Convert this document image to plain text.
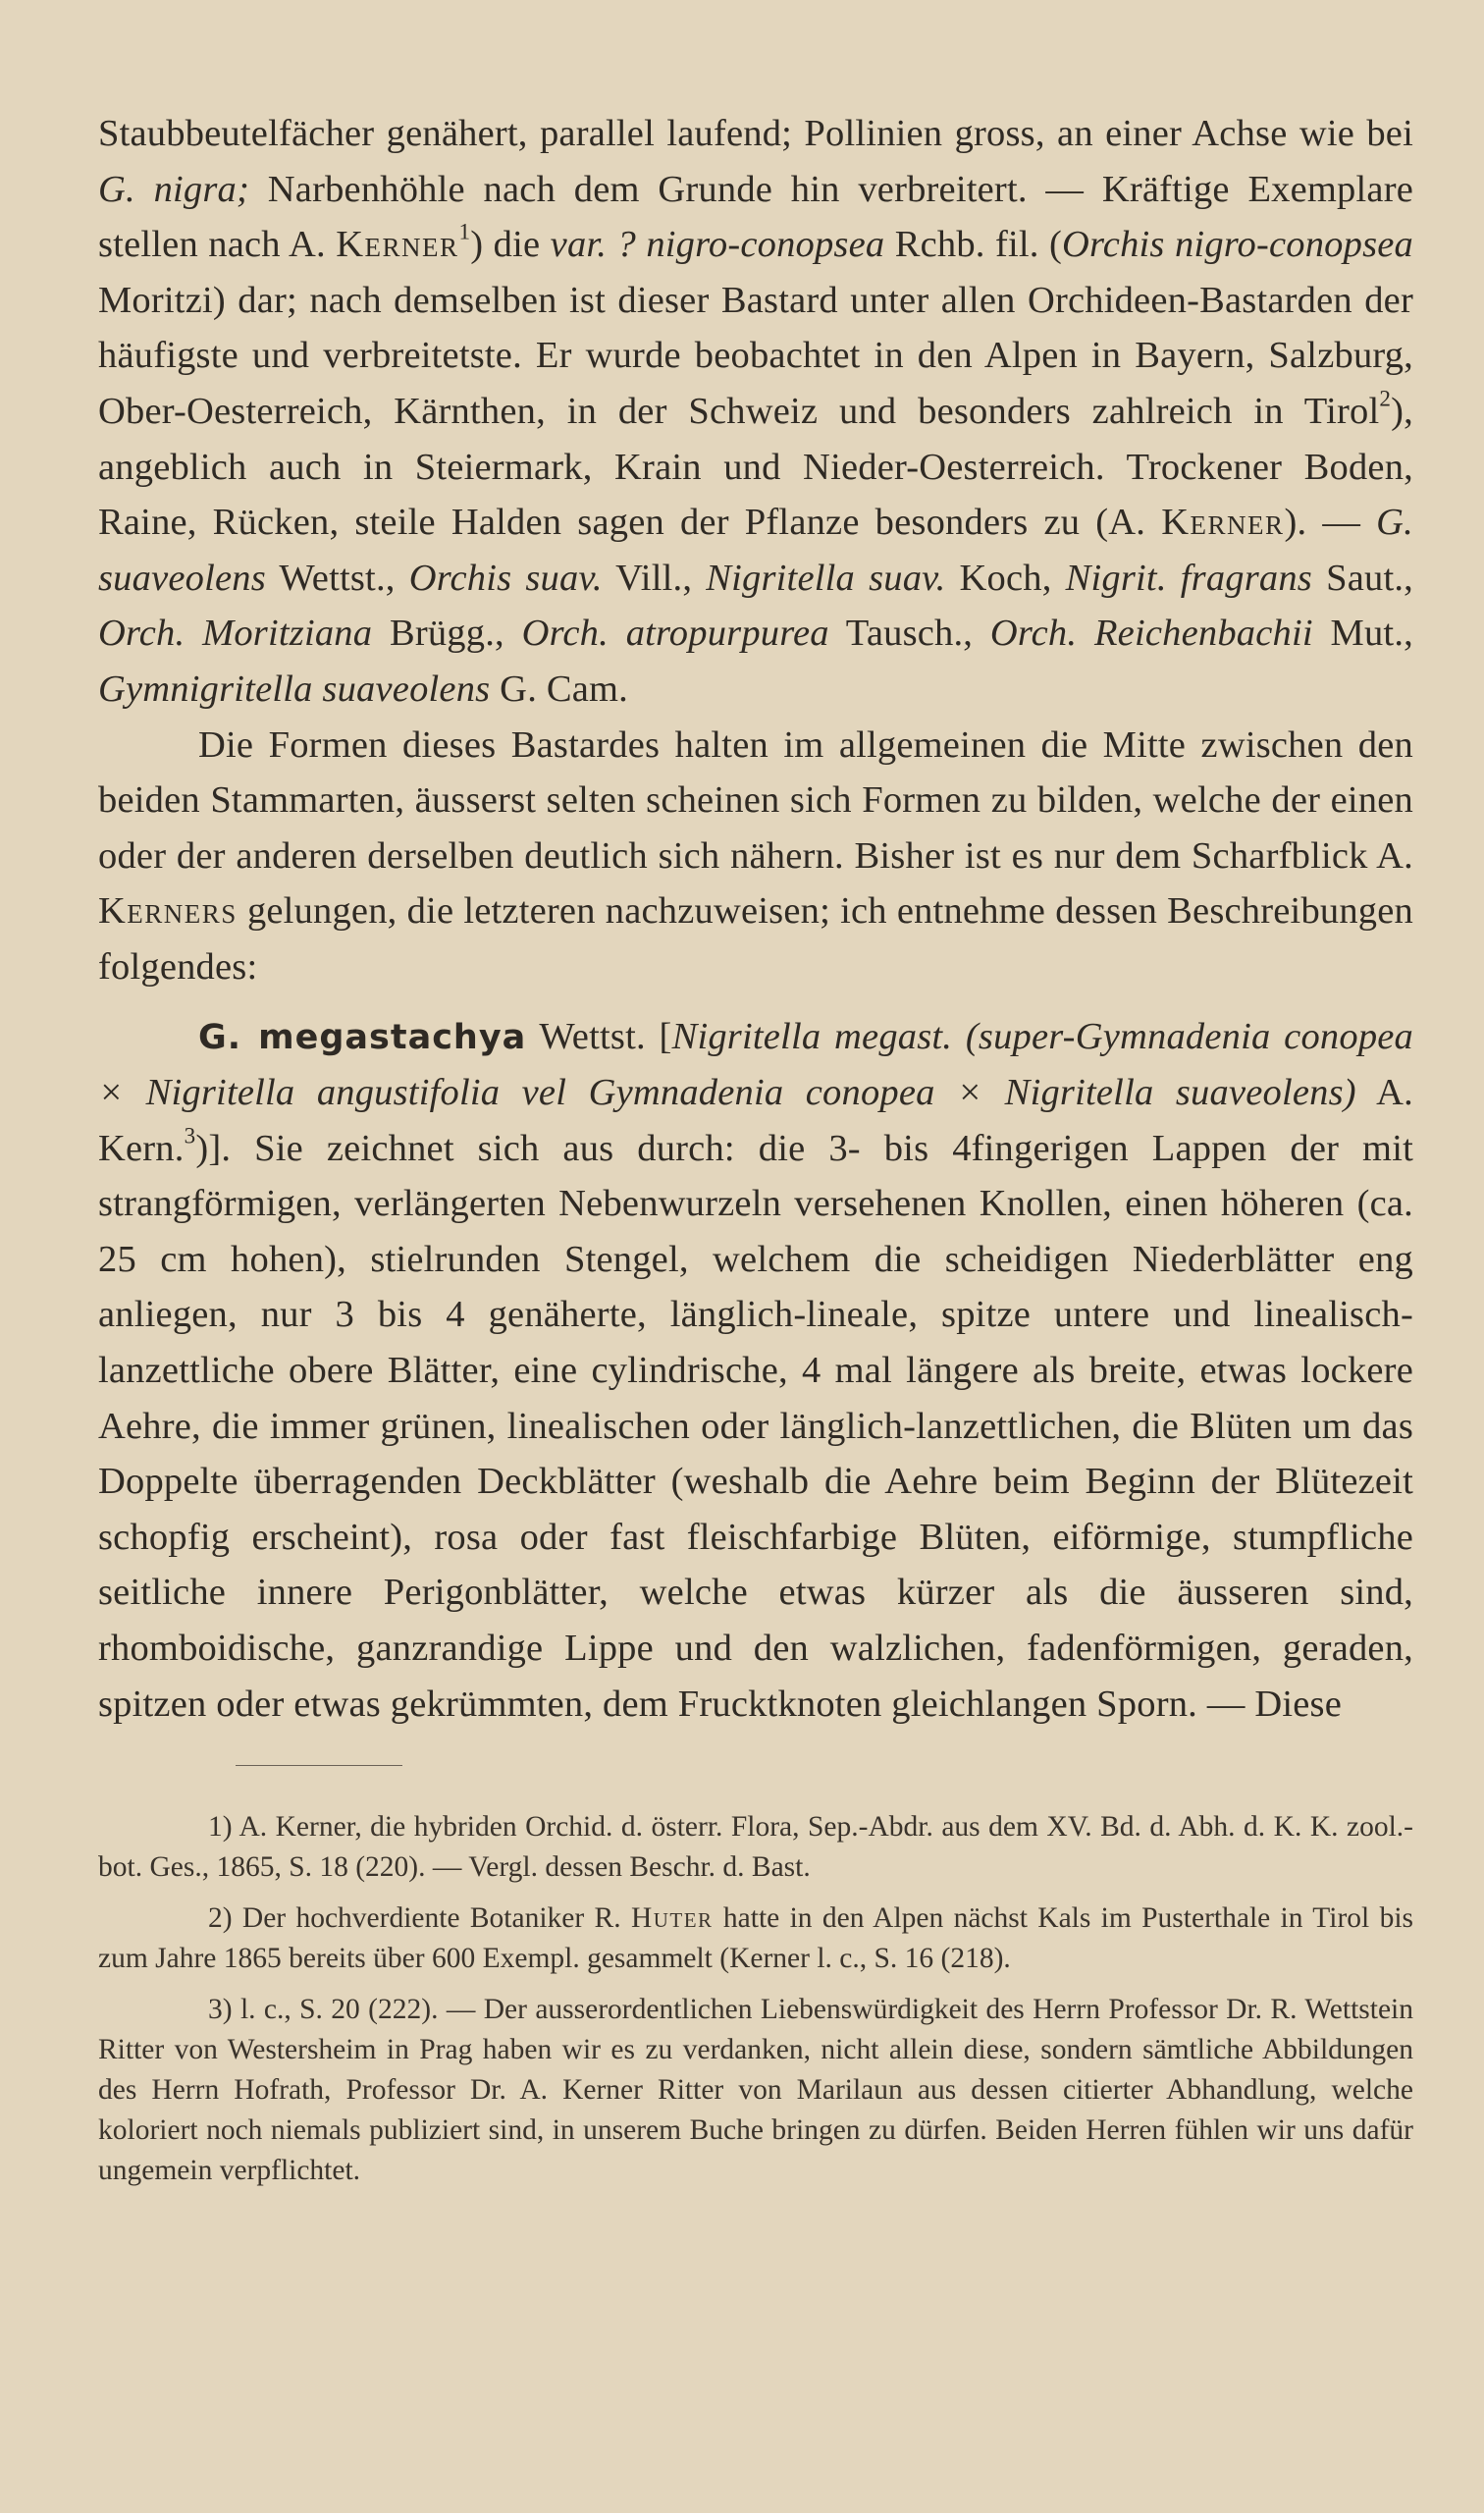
Staubbeutelfächer genähert, parallel laufend; Pollinien gross, an einer Achse wie bei G. nigra; Narbenhöhle nach dem Grunde hin verbreitert. — Kräftige Exemplare stellen nach A. Kerner$^1$) die var. ? nigro-conopsea Rchb. fil. (Orchis nigro-conopsea Moritzi) dar; nach demselben ist dieser Bastard unter allen Orchideen-Bastarden der häufigste und verbreitetste. Er wurde beobachtet in den Alpen in Bayern, Salzburg, Ober-Oesterreich, Kärnthen, in der Schweiz und besonders zahlreich in Tirol$^2$), angeblich auch in Steiermark, Krain und Nieder-Oesterreich. Trockener Boden, Raine, Rücken, steile Halden sagen der Pflanze besonders zu (A. Kerner). — G. suaveolens Wettst., Orchis suav. Vill., Nigritella suav. Koch, Nigrit. fragrans Saut., Orch. Moritziana Brügg., Orch. atropurpurea Tausch., Orch. Reichenbachii Mut., Gymnigritella suaveolens G. Cam.

Die Formen dieses Bastardes halten im allgemeinen die Mitte zwischen den beiden Stammarten, äusserst selten scheinen sich Formen zu bilden, welche der einen oder der anderen derselben deutlich sich nähern. Bisher ist es nur dem Scharfblick A. Kerners gelungen, die letzteren nachzuweisen; ich entnehme dessen Beschreibungen folgendes:

G. megastachya Wettst. [Nigritella megast. (super-Gymnadenia conopea × Nigritella angustifolia vel Gymnadenia conopea × Nigritella suaveolens) A. Kern.$^3$)]. Sie zeichnet sich aus durch: die 3- bis 4fingerigen Lappen der mit strangförmigen, verlängerten Nebenwurzeln versehenen Knollen, einen höheren (ca. 25 cm hohen), stielrunden Stengel, welchem die scheidigen Niederblätter eng anliegen, nur 3 bis 4 genäherte, länglich-lineale, spitze untere und linealisch-lanzettliche obere Blätter, eine cylindrische, 4 mal längere als breite, etwas lockere Aehre, die immer grünen, linealischen oder länglich-lanzettlichen, die Blüten um das Doppelte überragenden Deckblätter (weshalb die Aehre beim Beginn der Blütezeit schopfig erscheint), rosa oder fast fleischfarbige Blüten, eiförmige, stumpfliche seitliche innere Perigonblätter, welche etwas kürzer als die äusseren sind, rhomboidische, ganzrandige Lippe und den walzlichen, fadenförmigen, geraden, spitzen oder etwas gekrümmten, dem Frucktknoten gleichlangen Sporn. — Diese

1) A. Kerner, die hybriden Orchid. d. österr. Flora, Sep.-Abdr. aus dem XV. Bd. d. Abh. d. K. K. zool.-bot. Ges., 1865, S. 18 (220). — Vergl. dessen Beschr. d. Bast.

2) Der hochverdiente Botaniker R. Huter hatte in den Alpen nächst Kals im Pusterthale in Tirol bis zum Jahre 1865 bereits über 600 Exempl. gesammelt (Kerner l. c., S. 16 (218).

3) l. c., S. 20 (222). — Der ausserordentlichen Liebenswürdigkeit des Herrn Professor Dr. R. Wettstein Ritter von Westersheim in Prag haben wir es zu verdanken, nicht allein diese, sondern sämtliche Abbildungen des Herrn Hofrath, Professor Dr. A. Kerner Ritter von Marilaun aus dessen citierter Abhandlung, welche koloriert noch niemals publiziert sind, in unserem Buche bringen zu dürfen. Beiden Herren fühlen wir uns dafür ungemein verpflichtet.
